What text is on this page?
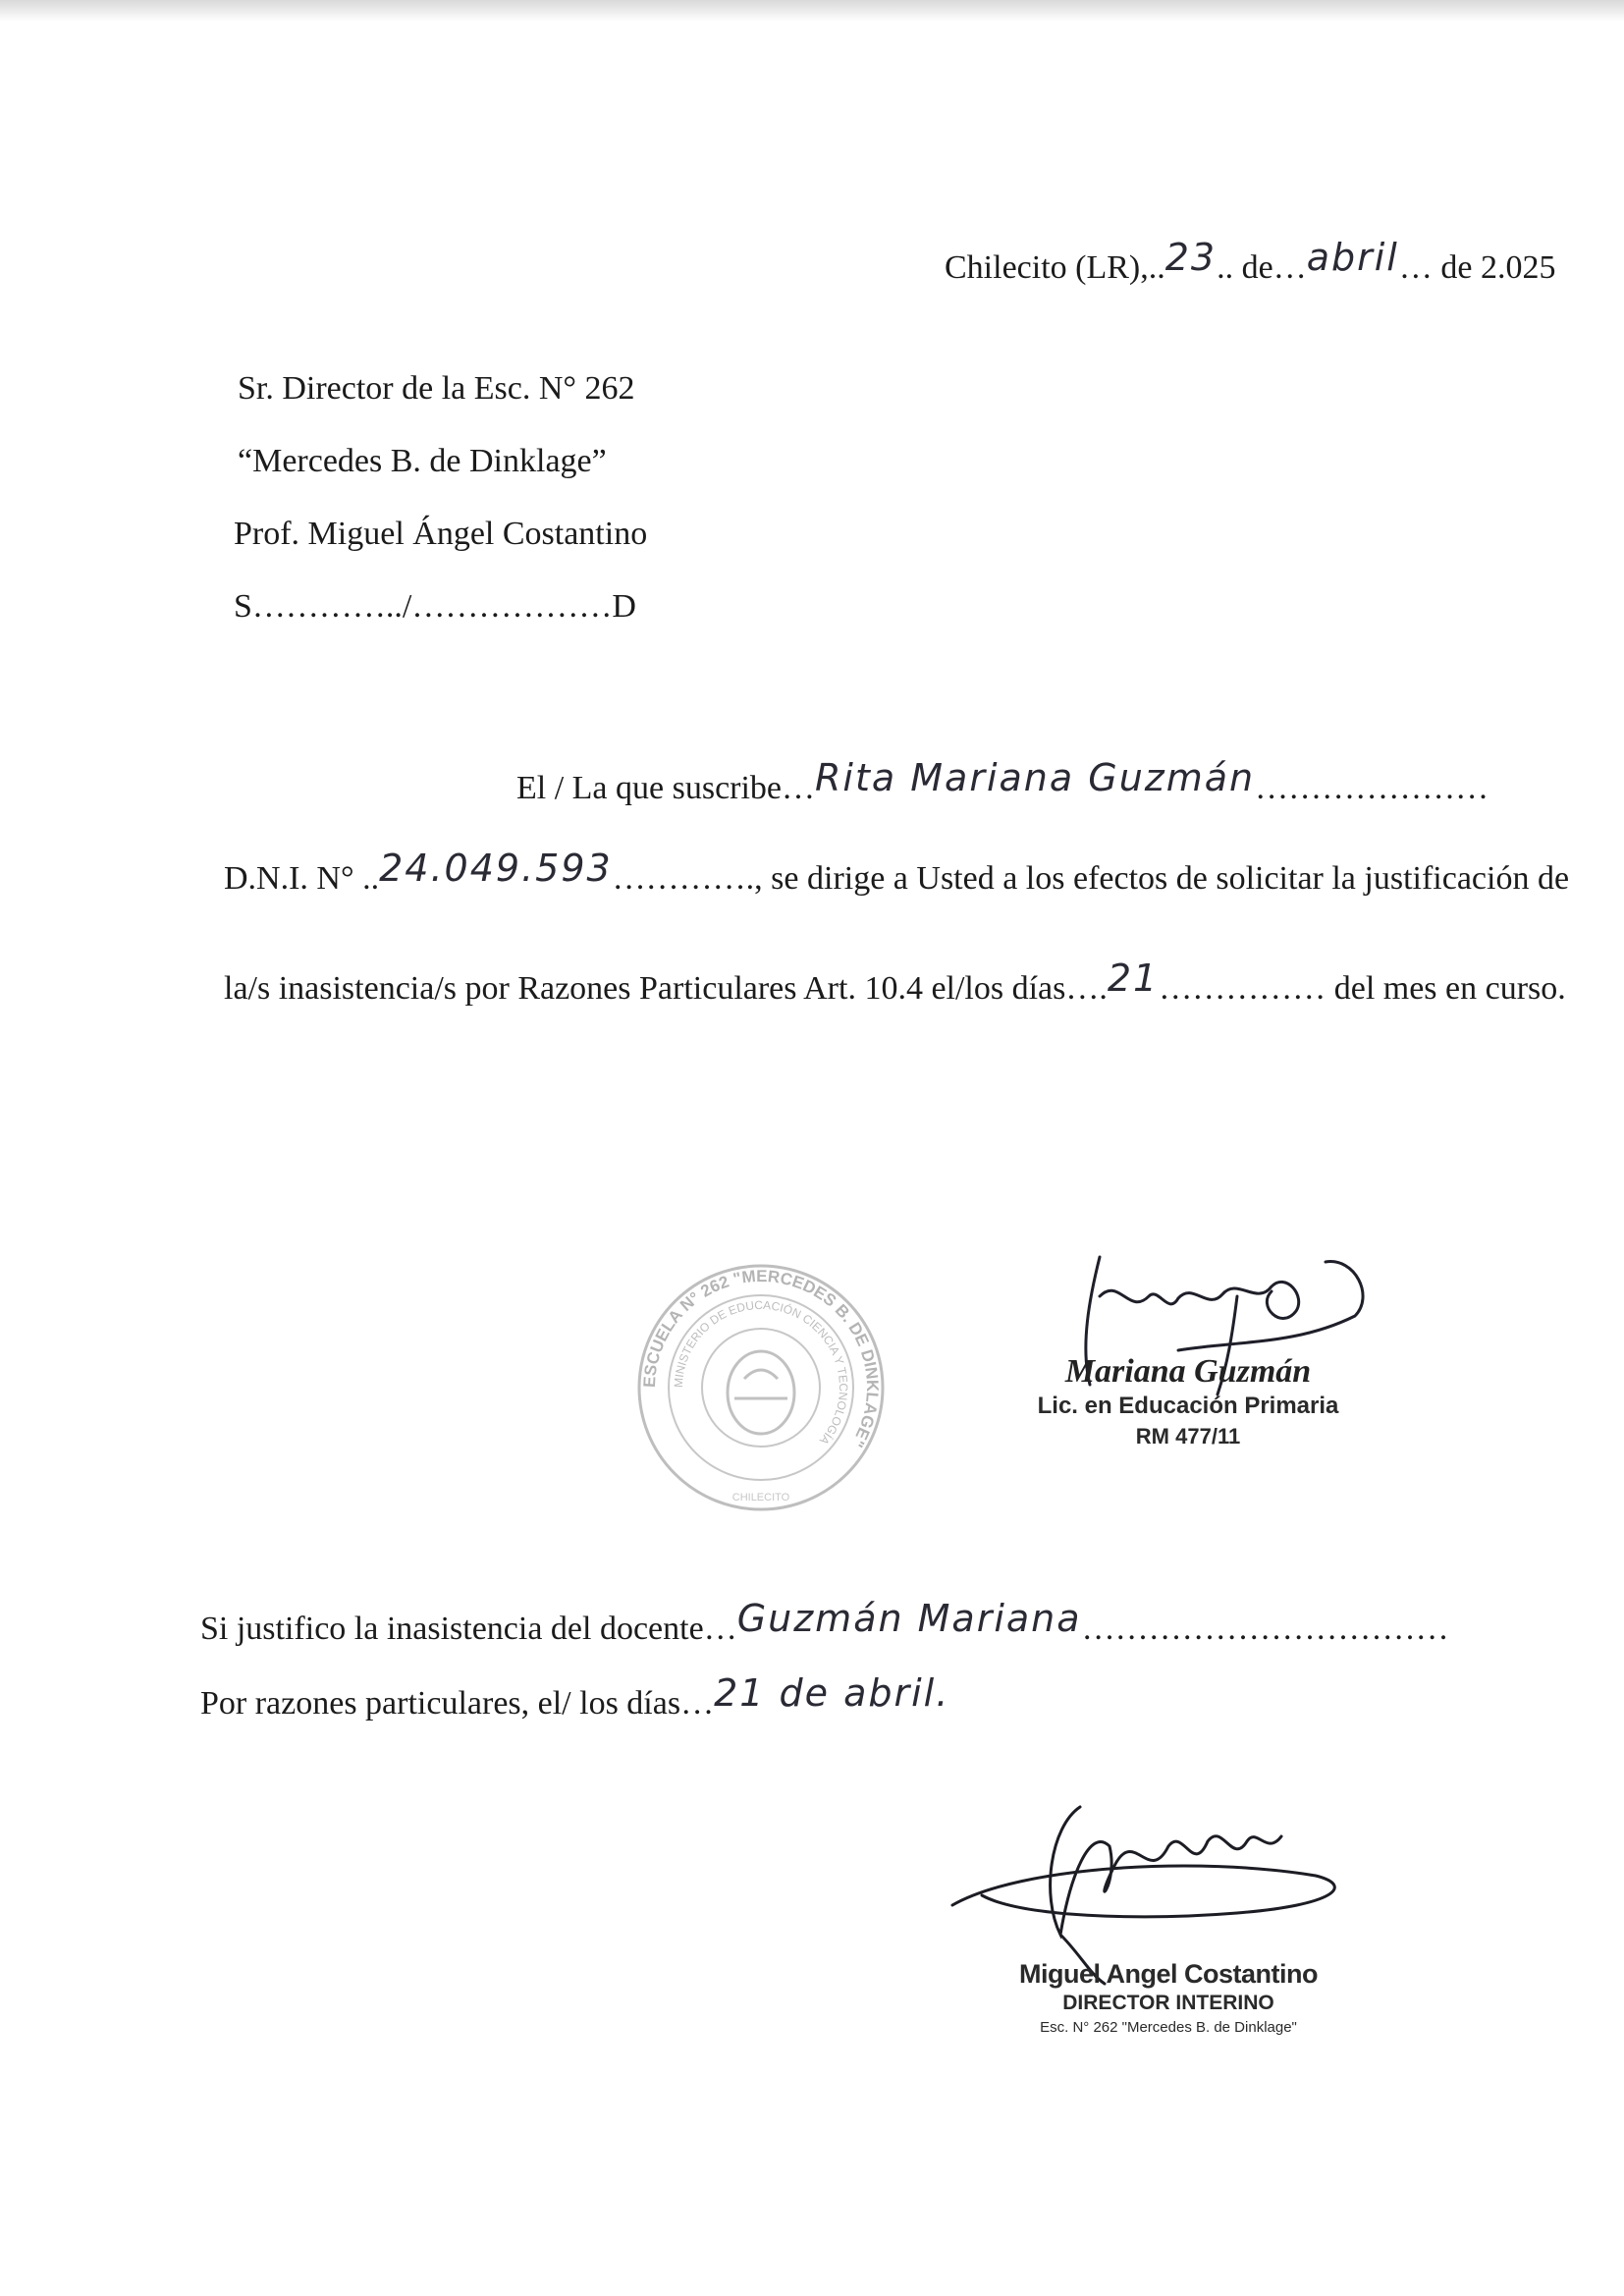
Chilecito (LR),..23.. de…abril… de 2.025
Sr. Director de la Esc. N° 262
“Mercedes B. de Dinklage”
Prof. Miguel Ángel Costantino
S…………../………………D
El / La que suscribe…Rita Mariana Guzmán…………………
D.N.I. N° ..24.049.593…………., se dirige a Usted a los efectos de solicitar la justificación de
la/s inasistencia/s por Razones Particulares Art. 10.4 el/los días….21…………… del mes en curso.
ESCUELA N° 262 "MERCEDES B. DE DINKLAGE"
MINISTERIO DE EDUCACIÓN CIENCIA Y TECNOLOGÍA
CHILECITO
Mariana Guzmán
Lic. en Educación Primaria
RM 477/11
Si justifico la inasistencia del docente…Guzmán Mariana……………………………
Por razones particulares, el/ los días…21 de abril.
Miguel Angel Costantino
DIRECTOR INTERINO
Esc. N° 262 "Mercedes B. de Dinklage"
